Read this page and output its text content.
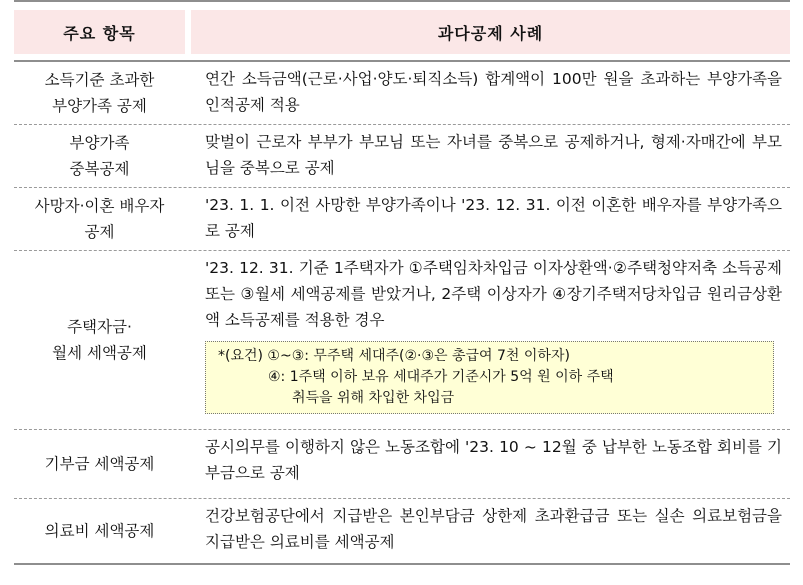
주요 항목	과다공제 사례
소득기준 초과한
부양가족 공제
연간 소득금액(근로·사업·양도·퇴직소득) 합계액이 100만 원을 초과하는 부양가족을 인적공제 적용
부양가족
중복공제
맞벌이 근로자 부부가 부모님 또는 자녀를 중복으로 공제하거나, 형제·자매간에 부모님을 중복으로 공제
사망자·이혼 배우자
공제
'23. 1. 1. 이전 사망한 부양가족이나 '23. 12. 31. 이전 이혼한 배우자를 부양가족으로 공제
주택자금·
월세 세액공제
'23. 12. 31. 기준 1주택자가 ①주택임차차입금 이자상환액·②주택청약저축 소득공제 또는 ③월세 세액공제를 받았거나, 2주택 이상자가 ④장기주택저당차입금 원리금상환액 소득공제를 적용한 경우
*(요건) ①~③: 무주택 세대주(②·③은 총급여 7천 이하자)
④: 1주택 이하 보유 세대주가 기준시가 5억 원 이하 주택
취득을 위해 차입한 차입금
기부금 세액공제
공시의무를 이행하지 않은 노동조합에 '23. 10 ~ 12월 중 납부한 노동조합 회비를 기부금으로 공제
의료비 세액공제
건강보험공단에서 지급받은 본인부담금 상한제 초과환급금 또는 실손 의료보험금을 지급받은 의료비를 세액공제
